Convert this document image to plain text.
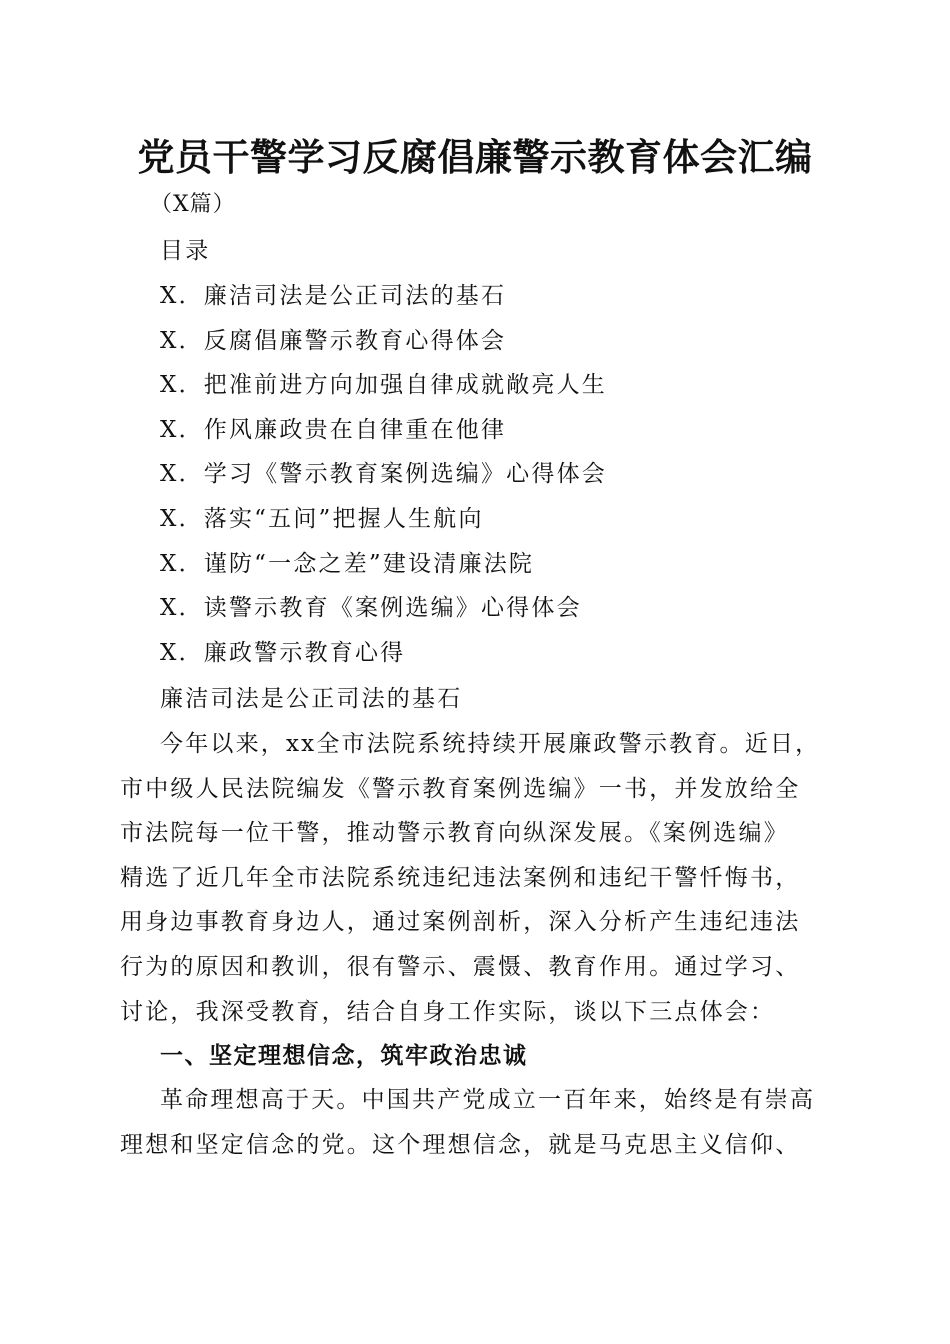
党员干警学习反腐倡廉警示教育体会汇编
（X篇）
目录
X．廉洁司法是公正司法的基石
X．反腐倡廉警示教育心得体会
X．把准前进方向加强自律成就敞亮人生
X．作风廉政贵在自律重在他律
X．学习《警示教育案例选编》心得体会
X．落实“五问”把握人生航向
X．谨防“一念之差”建设清廉法院
X．读警示教育《案例选编》心得体会
X．廉政警示教育心得
廉洁司法是公正司法的基石
今年以来，xx全市法院系统持续开展廉政警示教育。近日，
市中级人民法院编发《警示教育案例选编》一书，并发放给全
市法院每一位干警，推动警示教育向纵深发展。《案例选编》
精选了近几年全市法院系统违纪违法案例和违纪干警忏悔书，
用身边事教育身边人，通过案例剖析，深入分析产生违纪违法
行为的原因和教训，很有警示、震慑、教育作用。通过学习、
讨论，我深受教育，结合自身工作实际，谈以下三点体会：
一、坚定理想信念，筑牢政治忠诚
革命理想高于天。中国共产党成立一百年来，始终是有崇高
理想和坚定信念的党。这个理想信念，就是马克思主义信仰、
